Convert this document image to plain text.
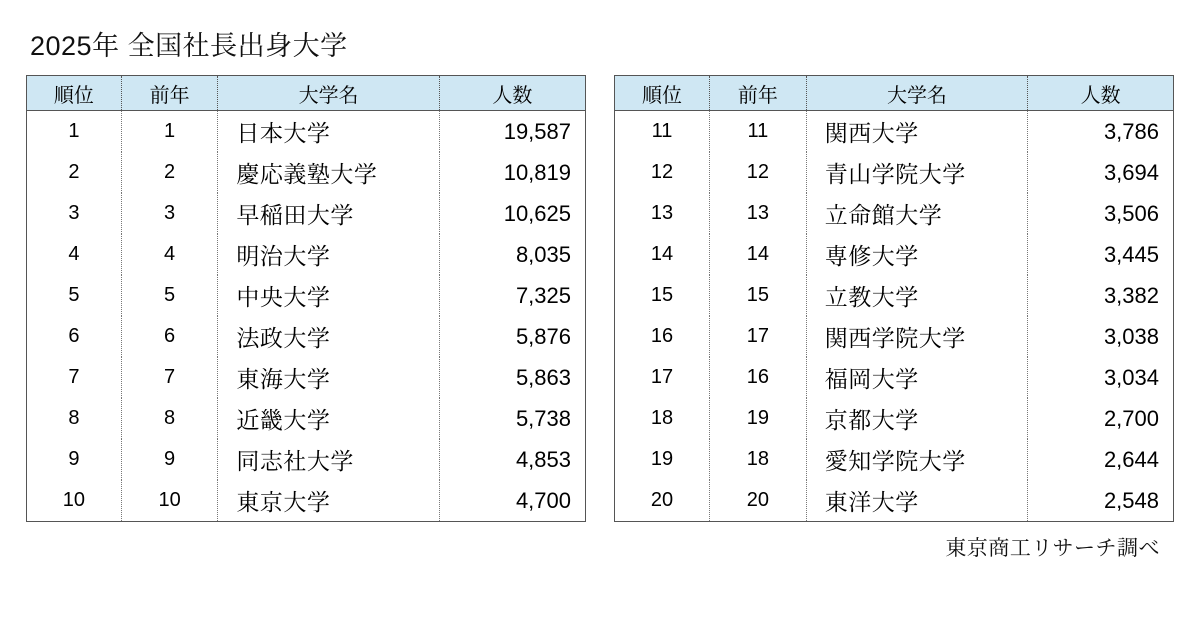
2025年 全国社長出身大学
順位	前年	大学名	人数
1	1	日本大学	19,587
2	2	慶応義塾大学	10,819
3	3	早稲田大学	10,625
4	4	明治大学	8,035
5	5	中央大学	7,325
6	6	法政大学	5,876
7	7	東海大学	5,863
8	8	近畿大学	5,738
9	9	同志社大学	4,853
10	10	東京大学	4,700
順位	前年	大学名	人数
11	11	関西大学	3,786
12	12	青山学院大学	3,694
13	13	立命館大学	3,506
14	14	専修大学	3,445
15	15	立教大学	3,382
16	17	関西学院大学	3,038
17	16	福岡大学	3,034
18	19	京都大学	2,700
19	18	愛知学院大学	2,644
20	20	東洋大学	2,548
東京商工リサーチ調べ
